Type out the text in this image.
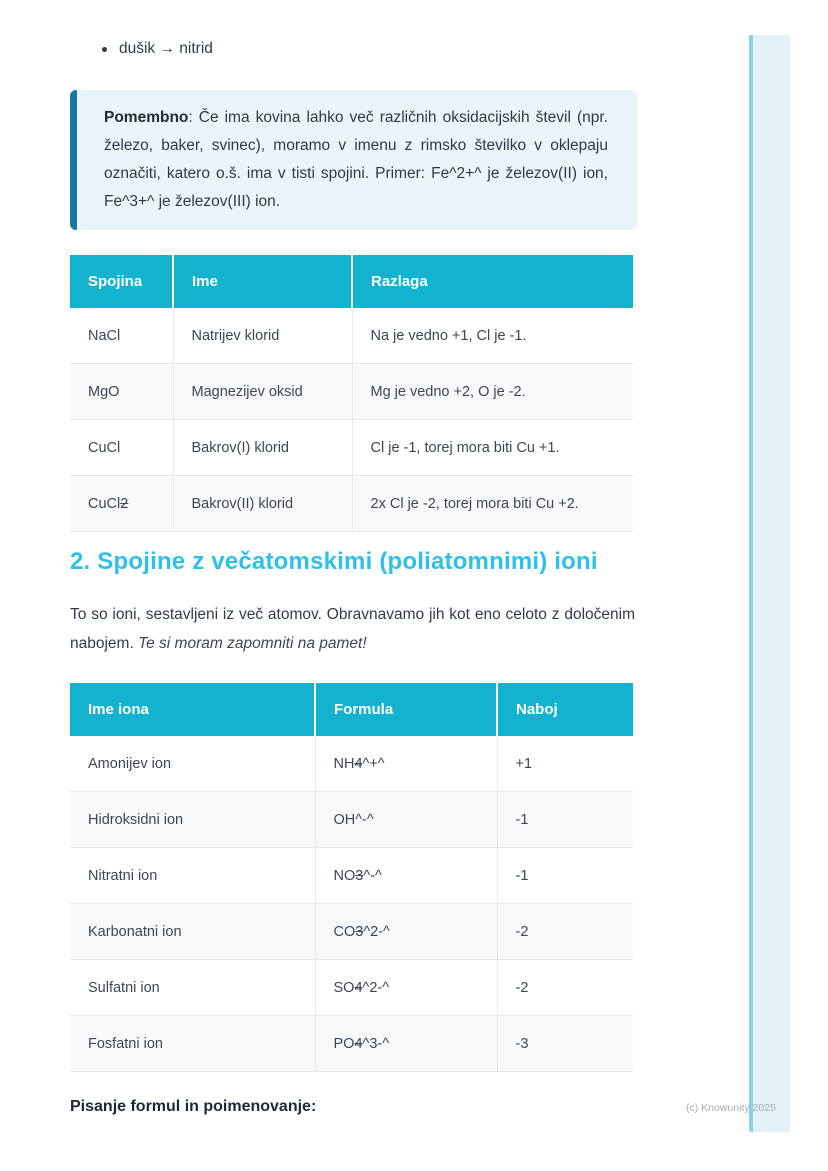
dušik → nitrid

Pomembno: Če ima kovina lahko več različnih oksidacijskih števil (npr. železo, baker, svinec), moramo v imenu z rimsko številko v oklepaju označiti, katero o.š. ima v tisti spojini. Primer: Fe^2+^ je železov(II) ion, Fe^3+^ je železov(III) ion.

Spojina	Ime	Razlaga
NaCl	Natrijev klorid	Na je vedno +1, Cl je -1.
MgO	Magnezijev oksid	Mg je vedno +2, O je -2.
CuCl	Bakrov(I) klorid	Cl je -1, torej mora biti Cu +1.
CuCl2	Bakrov(II) klorid	2x Cl je -2, torej mora biti Cu +2.
2. Spojine z večatomskimi (poliatomnimi) ioni

To so ioni, sestavljeni iz več atomov. Obravnavamo jih kot eno celoto z določenim nabojem. Te si moram zapomniti na pamet!

Ime iona	Formula	Naboj
Amonijev ion	NH4^+^	+1
Hidroksidni ion	OH^-^	-1
Nitratni ion	NO3^-^	-1
Karbonatni ion	CO3^2-^	-2
Sulfatni ion	SO4^2-^	-2
Fosfatni ion	PO4^3-^	-3
Pisanje formul in poimenovanje:	(c) Knowunity 2025
